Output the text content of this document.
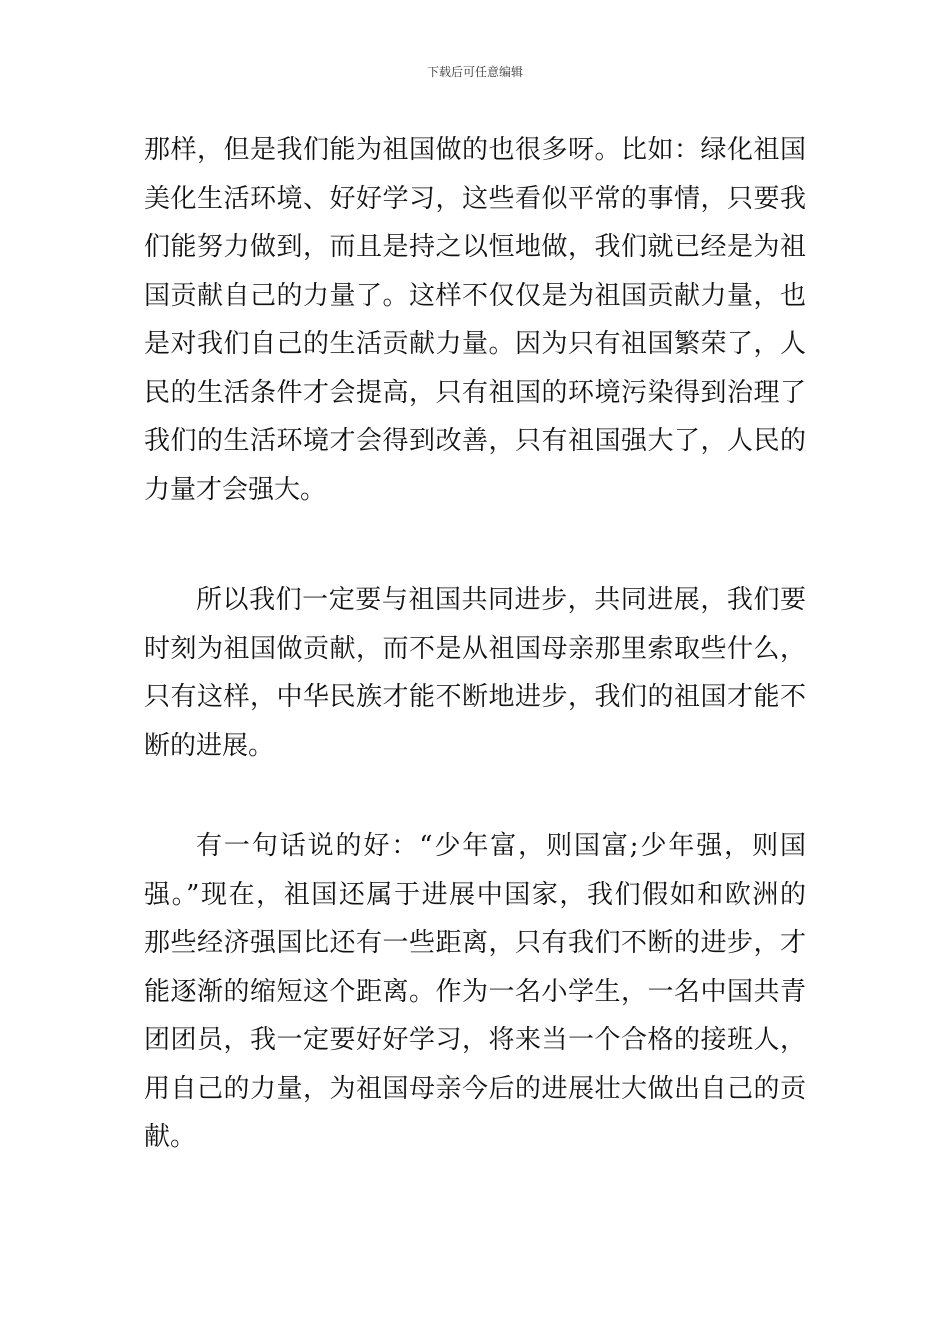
下载后可任意编辑
那样，但是我们能为祖国做的也很多呀。比如：绿化祖国
美化生活环境、好好学习，这些看似平常的事情，只要我
们能努力做到，而且是持之以恒地做，我们就已经是为祖
国贡献自己的力量了。这样不仅仅是为祖国贡献力量，也
是对我们自己的生活贡献力量。因为只有祖国繁荣了，人
民的生活条件才会提高，只有祖国的环境污染得到治理了
我们的生活环境才会得到改善，只有祖国强大了，人民的
力量才会强大。
所以我们一定要与祖国共同进步，共同进展，我们要
时刻为祖国做贡献，而不是从祖国母亲那里索取些什么，
只有这样，中华民族才能不断地进步，我们的祖国才能不
断的进展。
有一句话说的好：“少年富，则国富;少年强，则国
强。”现在，祖国还属于进展中国家，我们假如和欧洲的
那些经济强国比还有一些距离，只有我们不断的进步，才
能逐渐的缩短这个距离。作为一名小学生，一名中国共青
团团员，我一定要好好学习，将来当一个合格的接班人，
用自己的力量，为祖国母亲今后的进展壮大做出自己的贡
献。
